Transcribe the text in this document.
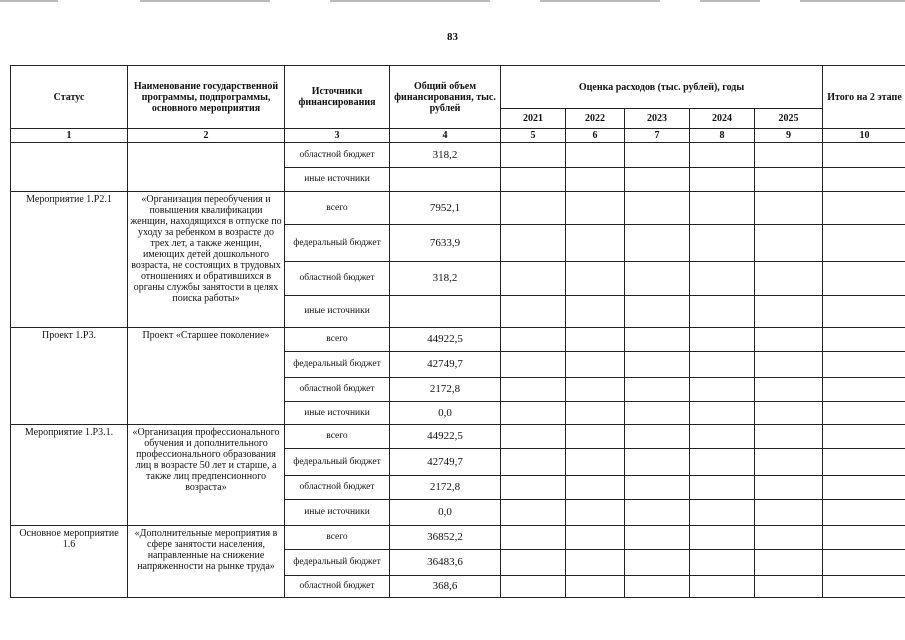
83
Статус	Наименование государственной программы, подпрограммы, основного мероприятия	Источники финансирования	Общий объем финансирования, тыс. рублей	Оценка расходов (тыс. рублей), годы					Итого на 2 этапе
				2021	2022	2023	2024	2025	
1	2	3	4	5	6	7	8	9	10
		областной бюджет	318,2						
		иные источники							
Мероприятие 1.Р2.1	«Организация переобучения и повышения квалификации женщин, находящихся в отпуске по уходу за ребенком в возрасте до трех лет, а также женщин, имеющих детей дошкольного возраста, не состоящих в трудовых отношениях и обратившихся в органы службы занятости в целях поиска работы»	всего	7952,1						
		федеральный бюджет	7633,9						
		областной бюджет	318,2						
		иные источники							
Проект 1.Р3.	Проект «Старшее поколение»	всего	44922,5						
		федеральный бюджет	42749,7						
		областной бюджет	2172,8						
		иные источники	0,0						
Мероприятие 1.Р3.1.	«Организация профессионального обучения и дополнительного профессионального образования лиц в возрасте 50 лет и старше, а также лиц предпенсионного возраста»	всего	44922,5						
		федеральный бюджет	42749,7						
		областной бюджет	2172,8						
		иные источники	0,0						
Основное мероприятие 1.6	«Дополнительные мероприятия в сфере занятости населения, направленные на снижение напряженности на рынке труда»	всего	36852,2						
		федеральный бюджет	36483,6						
		областной бюджет	368,6						
